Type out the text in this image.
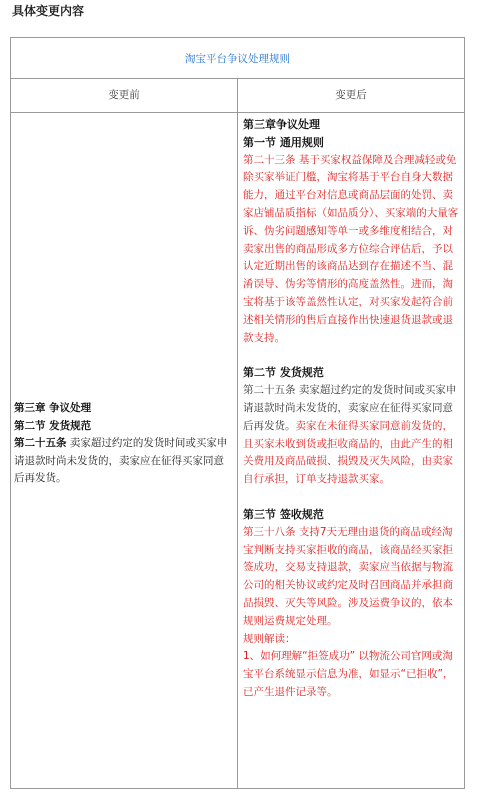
具体变更内容
淘宝平台争议处理规则
变更前	变更后
第三章 争议处理
第二节 发货规范
第二十五条 卖家超过约定的发货时间或买家申请退款时尚未发货的，卖家应在征得买家同意后再发货。
第三章争议处理
第一节 通用规则
第二十三条 基于买家权益保障及合理减轻或免除买家举证门槛，淘宝将基于平台自身大数据能力，通过平台对信息或商品层面的处罚、卖家店铺品质指标（如品质分）、买家端的大量客诉、伪劣问题感知等单一或多维度相结合，对卖家出售的商品形成多方位综合评估后，予以认定近期出售的该商品达到存在描述不当、混淆误导、伪劣等情形的高度盖然性。进而，淘宝将基于该等盖然性认定，对买家发起符合前述相关情形的售后直接作出快速退货退款或退款支持。
第二节 发货规范
第二十五条 卖家超过约定的发货时间或买家申请退款时尚未发货的，卖家应在征得买家同意后再发货。卖家在未征得买家同意前发货的，且买家未收到货或拒收商品的，由此产生的相关费用及商品破损、损毁及灭失风险，由卖家自行承担，订单支持退款买家。
第三节 签收规范
第三十八条 支持7天无理由退货的商品或经淘宝判断支持买家拒收的商品，该商品经买家拒签成功，交易支持退款，卖家应当依据与物流公司的相关协议或约定及时召回商品并承担商品损毁、灭失等风险。涉及运费争议的，依本规则运费规定处理。
规则解读：
1、如何理解“拒签成功” 以物流公司官网或淘宝平台系统显示信息为准，如显示“已拒收”，已产生退件记录等。
